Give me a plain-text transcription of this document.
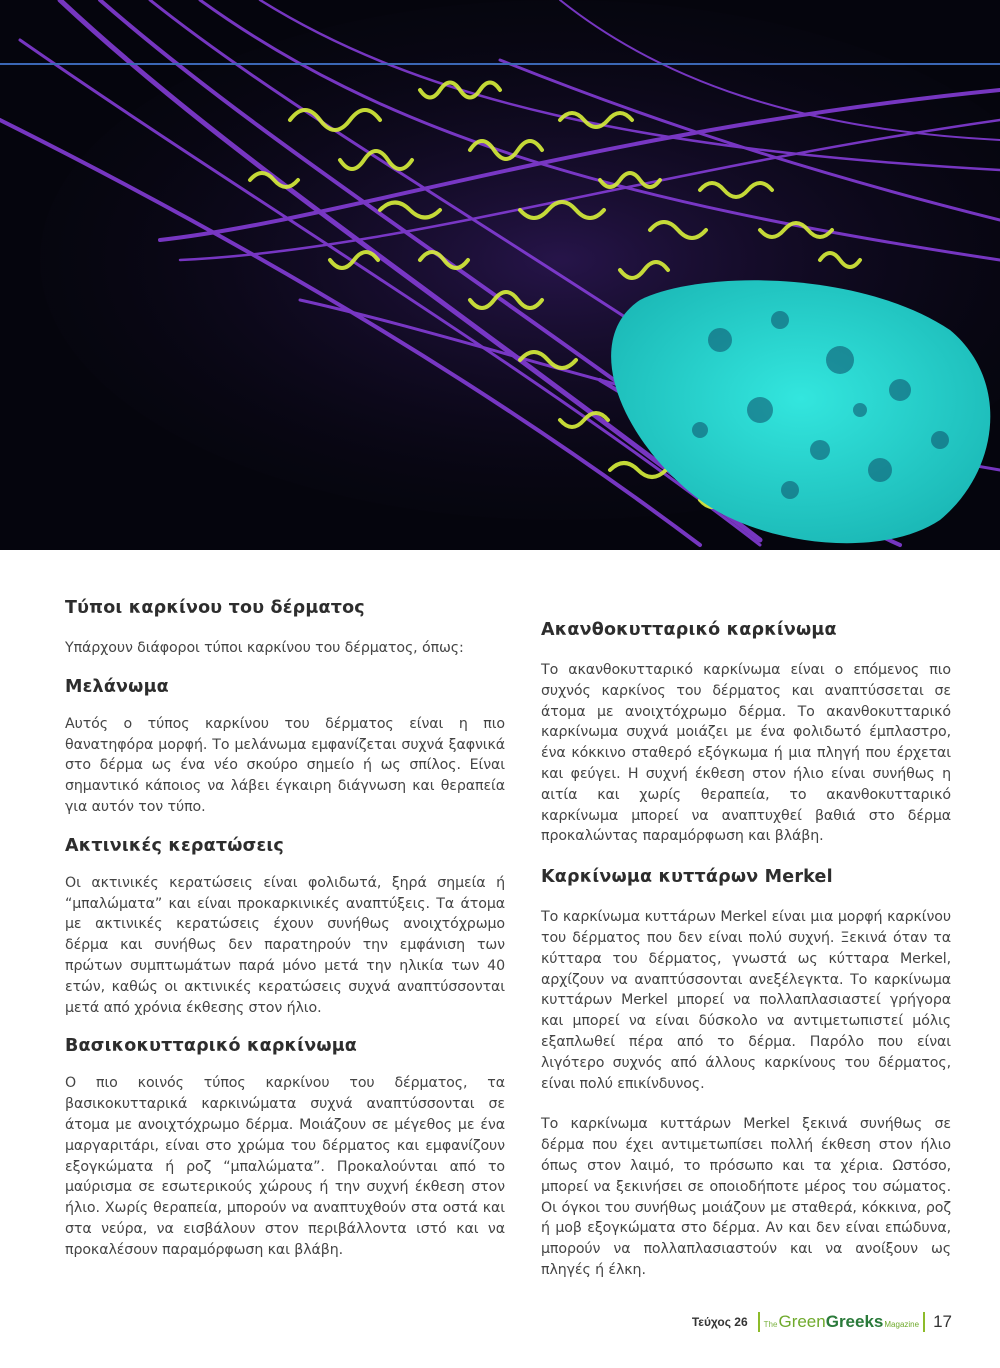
Τύποι καρκίνου του δέρματος

Υπάρχουν διάφοροι τύποι καρκίνου του δέρματος, όπως:

Μελάνωμα

Αυτός ο τύπος καρκίνου του δέρματος είναι η πιο θανατηφόρα μορφή. Το μελάνωμα εμφανίζεται συχνά ξαφνικά στο δέρμα ως ένα νέο σκούρο σημείο ή ως σπίλος. Είναι σημαντικό κάποιος να λάβει έγκαιρη διάγνωση και θεραπεία για αυτόν τον τύπο.

Ακτινικές κερατώσεις

Οι ακτινικές κερατώσεις είναι φολιδωτά, ξηρά σημεία ή “μπαλώματα” και είναι προκαρκινικές αναπτύξεις. Τα άτομα με ακτινικές κερατώσεις έχουν συνήθως ανοιχτόχρωμο δέρμα και συνήθως δεν παρατηρούν την εμφάνιση των πρώτων συμπτωμάτων παρά μόνο μετά την ηλικία των 40 ετών, καθώς οι ακτινικές κερατώσεις συχνά αναπτύσσονται μετά από χρόνια έκθεσης στον ήλιο.

Βασικοκυτταρικό καρκίνωμα

Ο πιο κοινός τύπος καρκίνου του δέρματος, τα βασικοκυτταρικά καρκινώματα συχνά αναπτύσσονται σε άτομα με ανοιχτόχρωμο δέρμα. Μοιάζουν σε μέγεθος με ένα μαργαριτάρι, είναι στο χρώμα του δέρματος και εμφανίζουν εξογκώματα ή ροζ “μπαλώματα”. Προκαλούνται από το μαύρισμα σε εσωτερικούς χώρους ή την συχνή έκθεση στον ήλιο. Χωρίς θεραπεία, μπορούν να αναπτυχθούν στα οστά και στα νεύρα, να εισβάλουν στον περιβάλλοντα ιστό και να προκαλέσουν παραμόρφωση και βλάβη.

Ακανθοκυτταρικό καρκίνωμα

Το ακανθοκυτταρικό καρκίνωμα είναι ο επόμενος πιο συχνός καρκίνος του δέρματος και αναπτύσσεται σε άτομα με ανοιχτόχρωμο δέρμα. Το ακανθοκυτταρικό καρκίνωμα συχνά μοιάζει με ένα φολιδωτό έμπλαστρο, ένα κόκκινο σταθερό εξόγκωμα ή μια πληγή που έρχεται και φεύγει. Η συχνή έκθεση στον ήλιο είναι συνήθως η αιτία και χωρίς θεραπεία, το ακανθοκυτταρικό καρκίνωμα μπορεί να αναπτυχθεί βαθιά στο δέρμα προκαλώντας παραμόρφωση και βλάβη.

Καρκίνωμα κυττάρων Merkel

Το καρκίνωμα κυττάρων Merkel είναι μια μορφή καρκίνου του δέρματος που δεν είναι πολύ συχνή. Ξεκινά όταν τα κύτταρα του δέρματος, γνωστά ως κύτταρα Merkel, αρχίζουν να αναπτύσσονται ανεξέλεγκτα. Το καρκίνωμα κυττάρων Merkel μπορεί να πολλαπλασιαστεί γρήγορα και μπορεί να είναι δύσκολο να αντιμετωπιστεί μόλις εξαπλωθεί πέρα από το δέρμα. Παρόλο που είναι λιγότερο συχνός από άλλους καρκίνους του δέρματος, είναι πολύ επικίνδυνος.

Το καρκίνωμα κυττάρων Merkel ξεκινά συνήθως σε δέρμα που έχει αντιμετωπίσει πολλή έκθεση στον ήλιο όπως στον λαιμό, το πρόσωπο και τα χέρια. Ωστόσο, μπορεί να ξεκινήσει σε οποιοδήποτε μέρος του σώματος. Οι όγκοι του συνήθως μοιάζουν με σταθερά, κόκκινα, ροζ ή μοβ εξογκώματα στο δέρμα. Αν και δεν είναι επώδυνα, μπορούν να πολλαπλασιαστούν και να ανοίξουν ως πληγές ή έλκη.

Τεύχος 26 The Green Greeks Magazine 17
